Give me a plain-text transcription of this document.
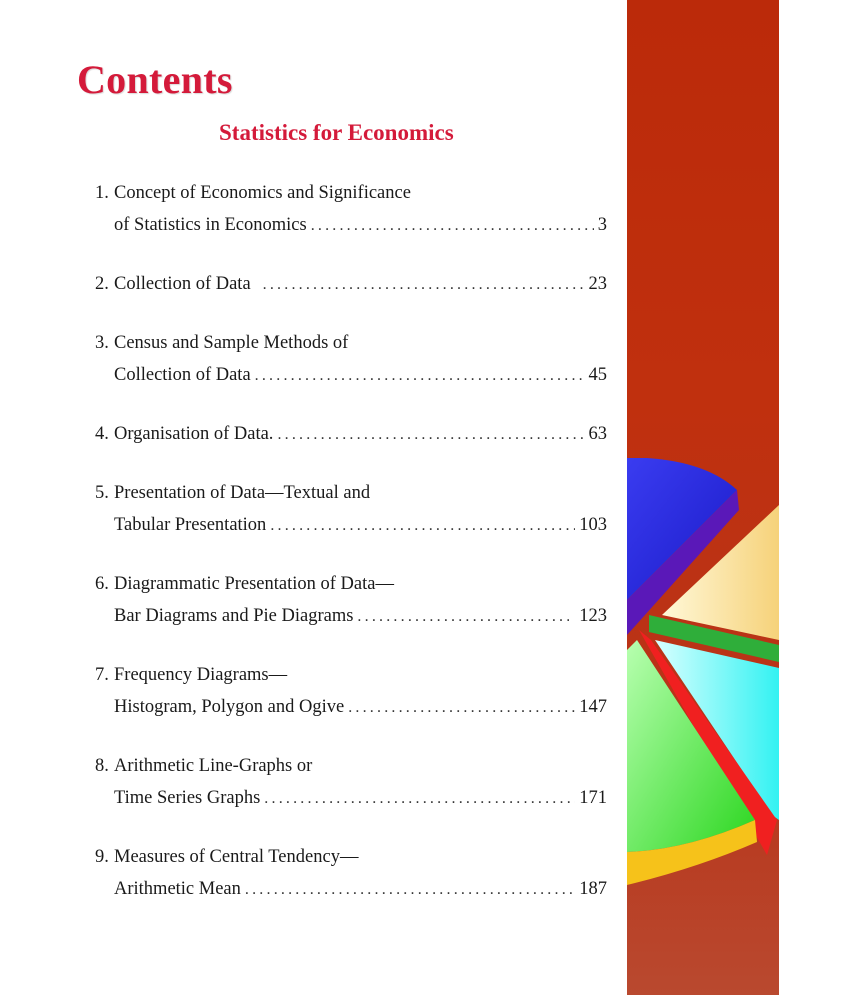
Contents
Statistics for Economics
1. Concept of Economics and Significance
of Statistics in Economics .....	3
2. Collection of Data .....	23
3. Census and Sample Methods of
Collection of Data .....	45
4. Organisation of Data. .....	63
5. Presentation of Data—Textual and
Tabular Presentation .....	103
6. Diagrammatic Presentation of Data—
Bar Diagrams and Pie Diagrams .....	123
7. Frequency Diagrams—
Histogram, Polygon and Ogive .....	147
8. Arithmetic Line-Graphs or
Time Series Graphs .....	171
9. Measures of Central Tendency—
Arithmetic Mean .....	187
